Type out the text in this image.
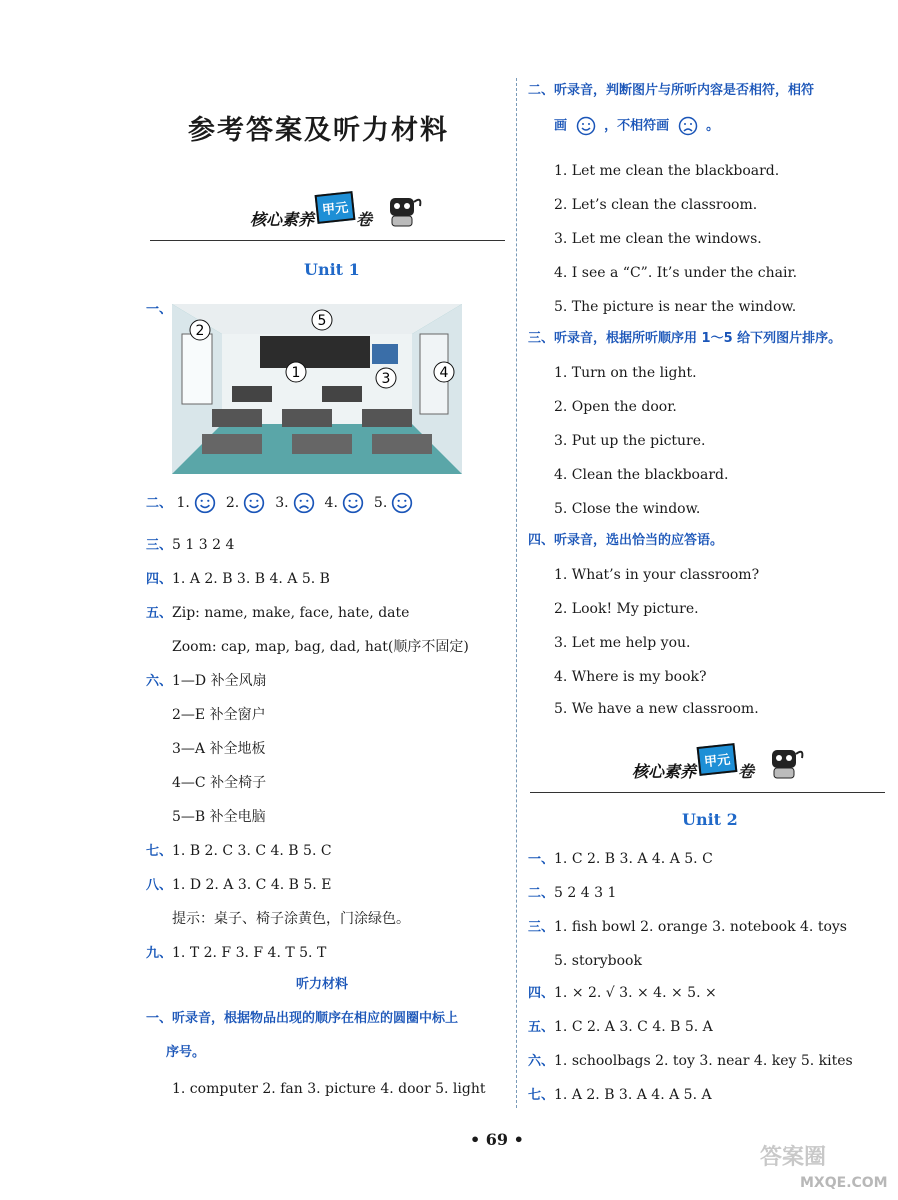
参考答案及听力材料
核心素养
甲元
卷
Unit 1
一、
1
2
3	4
5
二、 1.	2.	3.	4.	5.
三、5 1 3 2 4
四、1. A 2. B 3. B 4. A 5. B
五、Zip: name, make, face, hate, date
Zoom: cap, map, bag, dad, hat(顺序不固定)
六、1—D 补全风扇
2—E 补全窗户
3—A 补全地板
4—C 补全椅子
5—B 补全电脑
七、1. B 2. C 3. C 4. B 5. C
八、1. D 2. A 3. C 4. B 5. E
提示：桌子、椅子涂黄色，门涂绿色。
九、1. T 2. F 3. F 4. T 5. T
听力材料
一、听录音，根据物品出现的顺序在相应的圆圈中标上
序号。
1. computer 2. fan 3. picture 4. door 5. light
二、听录音，判断图片与所听内容是否相符，相符
画	，不相符画	。
1. Let me clean the blackboard.
2. Let’s clean the classroom.
3. Let me clean the windows.
4. I see a “C”. It’s under the chair.
5. The picture is near the window.
三、听录音，根据所听顺序用 1～5 给下列图片排序。
1. Turn on the light.
2. Open the door.
3. Put up the picture.
4. Clean the blackboard.
5. Close the window.
四、听录音，选出恰当的应答语。
1. What’s in your classroom?
2. Look! My picture.
3. Let me help you.
4. Where is my book?
5. We have a new classroom.
核心素养
甲元
卷
Unit 2
一、1. C 2. B 3. A 4. A 5. C
二、5 2 4 3 1
三、1. fish bowl 2. orange 3. notebook 4. toys
5. storybook
四、1. × 2. √ 3. × 4. × 5. ×
五、1. C 2. A 3. C 4. B 5. A
六、1. schoolbags 2. toy 3. near 4. key 5. kites
七、1. A 2. B 3. A 4. A 5. A
• 69 •
答案圈
MXQE.COM
